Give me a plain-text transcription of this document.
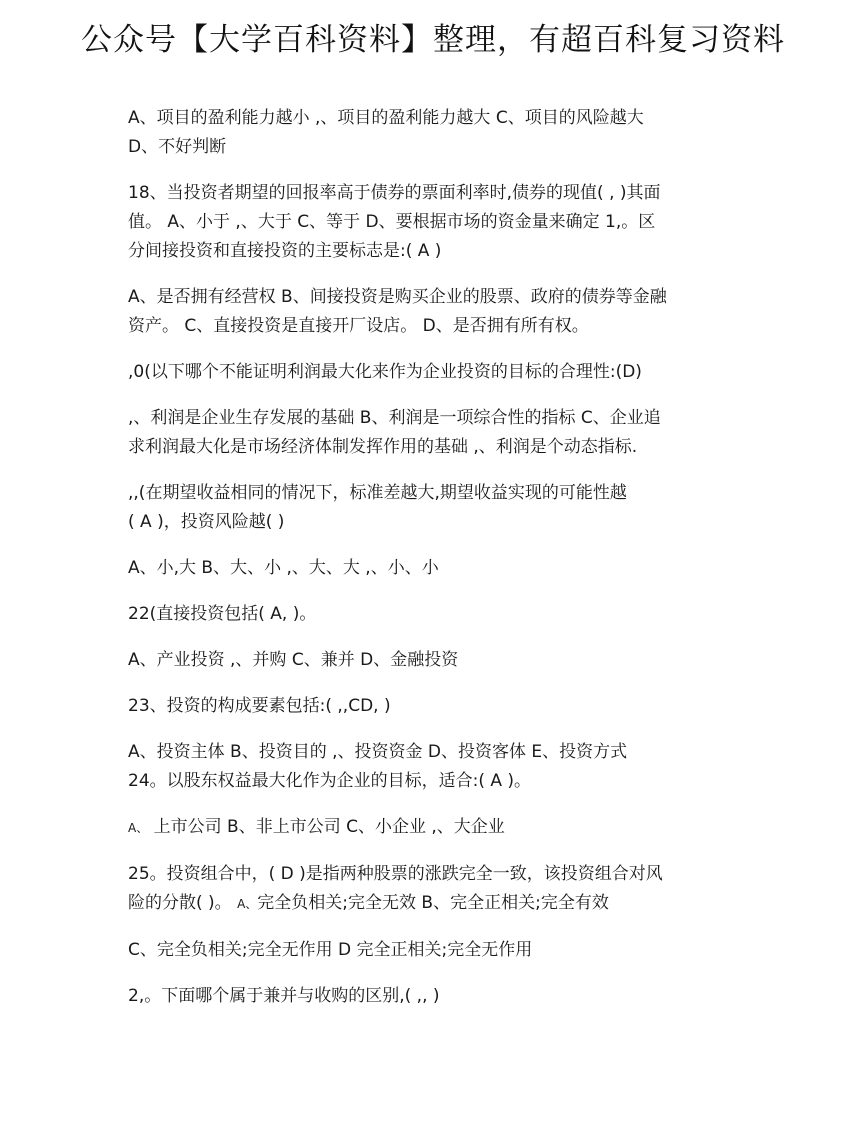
公众号【大学百科资料】整理，有超百科复习资料

A、项目的盈利能力越小 ,、项目的盈利能力越大 C、项目的风险越大
D、不好判断

18、当投资者期望的回报率高于债券的票面利率时,债券的现值( , )其面
值。 A、小于 ,、大于 C、等于 D、要根据市场的资金量来确定 1,。区
分间接投资和直接投资的主要标志是:( A )

A、是否拥有经营权 B、间接投资是购买企业的股票、政府的债券等金融
资产。 C、直接投资是直接开厂设店。 D、是否拥有所有权。

,0(以下哪个不能证明利润最大化来作为企业投资的目标的合理性:(D)

,、利润是企业生存发展的基础 B、利润是一项综合性的指标 C、企业追
求利润最大化是市场经济体制发挥作用的基础 ,、利润是个动态指标.

,,(在期望收益相同的情况下，标准差越大,期望收益实现的可能性越
( A )，投资风险越( )

A、小,大 B、大、小 ,、大、大 ,、小、小

22(直接投资包括( A, )。

A、产业投资 ,、并购 C、兼并 D、金融投资

23、投资的构成要素包括:( ,,CD, )

A、投资主体 B、投资目的 ,、投资资金 D、投资客体 E、投资方式
24。以股东权益最大化作为企业的目标，适合:( A )。

A、 上市公司 B、非上市公司 C、小企业 ,、大企业

25。投资组合中，( D )是指两种股票的涨跌完全一致，该投资组合对风
险的分散( )。 A、完全负相关;完全无效 B、完全正相关;完全有效

C、完全负相关;完全无作用 D 完全正相关;完全无作用

2,。下面哪个属于兼并与收购的区别,( ,, )
